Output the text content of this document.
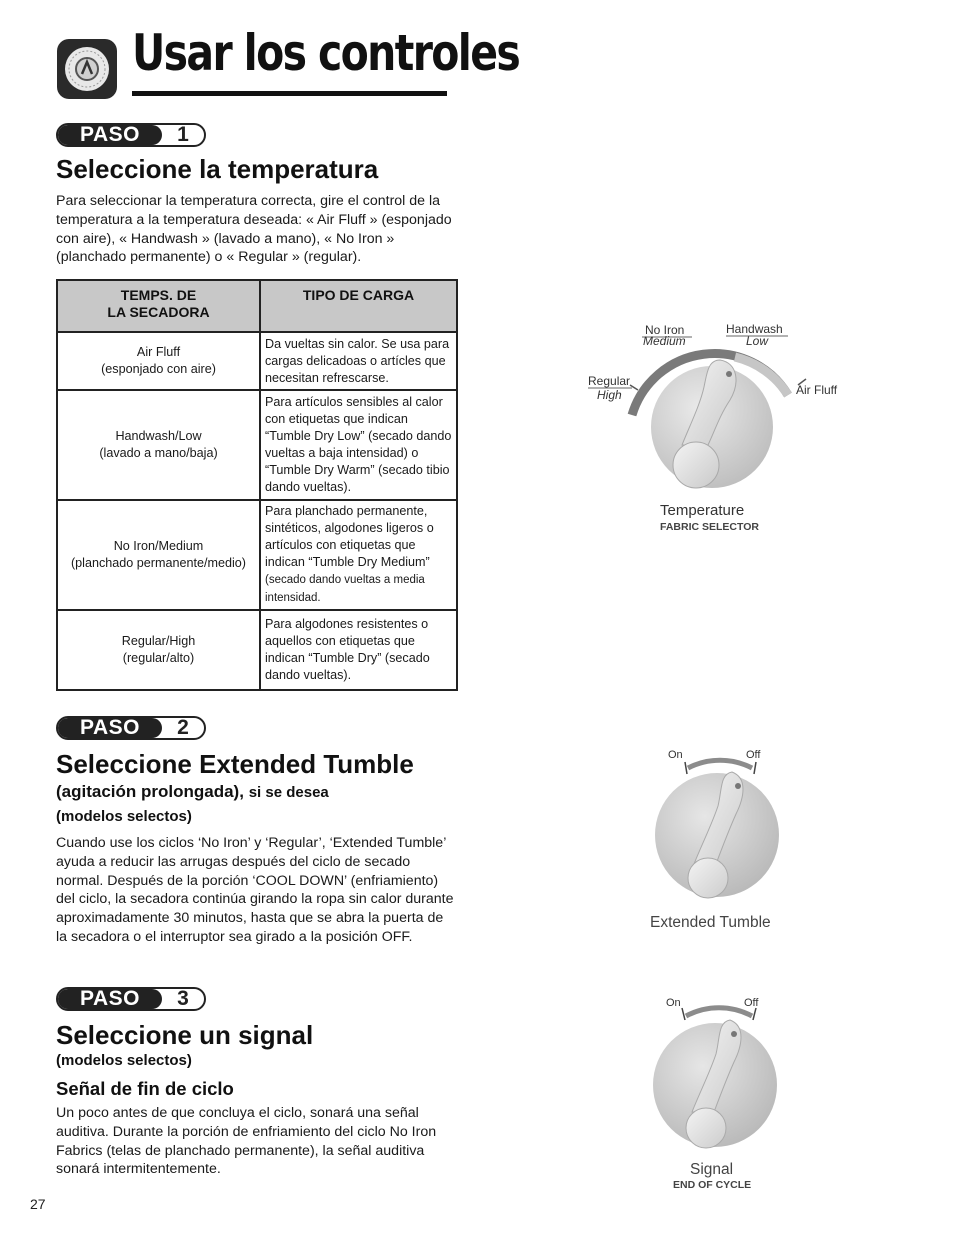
Usar los controles
PASO	1
Seleccione la temperatura
Para seleccionar la temperatura correcta, gire el control de la temperatura a la temperatura deseada: « Air Fluff » (esponjado con aire), « Handwash » (lavado a mano), « No Iron » (planchado permanente) o « Regular » (regular).
TEMPS. DE
LA SECADORA	TIPO DE CARGA

Air Fluff
(esponjado con aire)	Da vueltas sin calor. Se usa para cargas delicadoas o artícles que necesitan refrescarse.

Handwash/Low
(lavado a mano/baja)	Para artículos sensibles al calor con etiquetas que indican “Tumble Dry Low” (secado dando vueltas a baja intensidad) o “Tumble Dry Warm” (secado tibio dando vueltas).

No Iron/Medium
(planchado permanente/medio)	Para planchado permanente, sintéticos, algodones ligeros o artículos con etiquetas que indican “Tumble Dry Medium” (secado dando vueltas a media intensidad.

Regular/High
(regular/alto)	Para algodones resistentes o aquellos con etiquetas que indican “Tumble Dry” (secado dando vueltas).
Regular
High
No Iron
Medium
Handwash
Low
Air Fluff
Temperature
FABRIC SELECTOR
PASO	2
Seleccione Extended Tumble
(agitación prolongada), si se desea
(modelos selectos)
Cuando use los ciclos ‘No Iron’ y ‘Regular’, ‘Extended Tumble’ ayuda a reducir las arrugas después del ciclo de secado normal. Después de la porción ‘COOL DOWN’ (enfriamiento) del ciclo, la secadora continúa girando la ropa sin calor durante aproximadamente 30 minutos, hasta que se abra la puerta de la secadora o el interruptor sea girado a la posición OFF.
On	Off
Extended Tumble
PASO	3
Seleccione un signal
(modelos selectos)
Señal de fin de ciclo
Un poco antes de que concluya el ciclo, sonará una señal auditiva. Durante la porción de enfriamiento del ciclo No Iron Fabrics (telas de planchado permanente), la señal auditiva sonará intermitentemente.
On	Off
Signal
END OF CYCLE
27
